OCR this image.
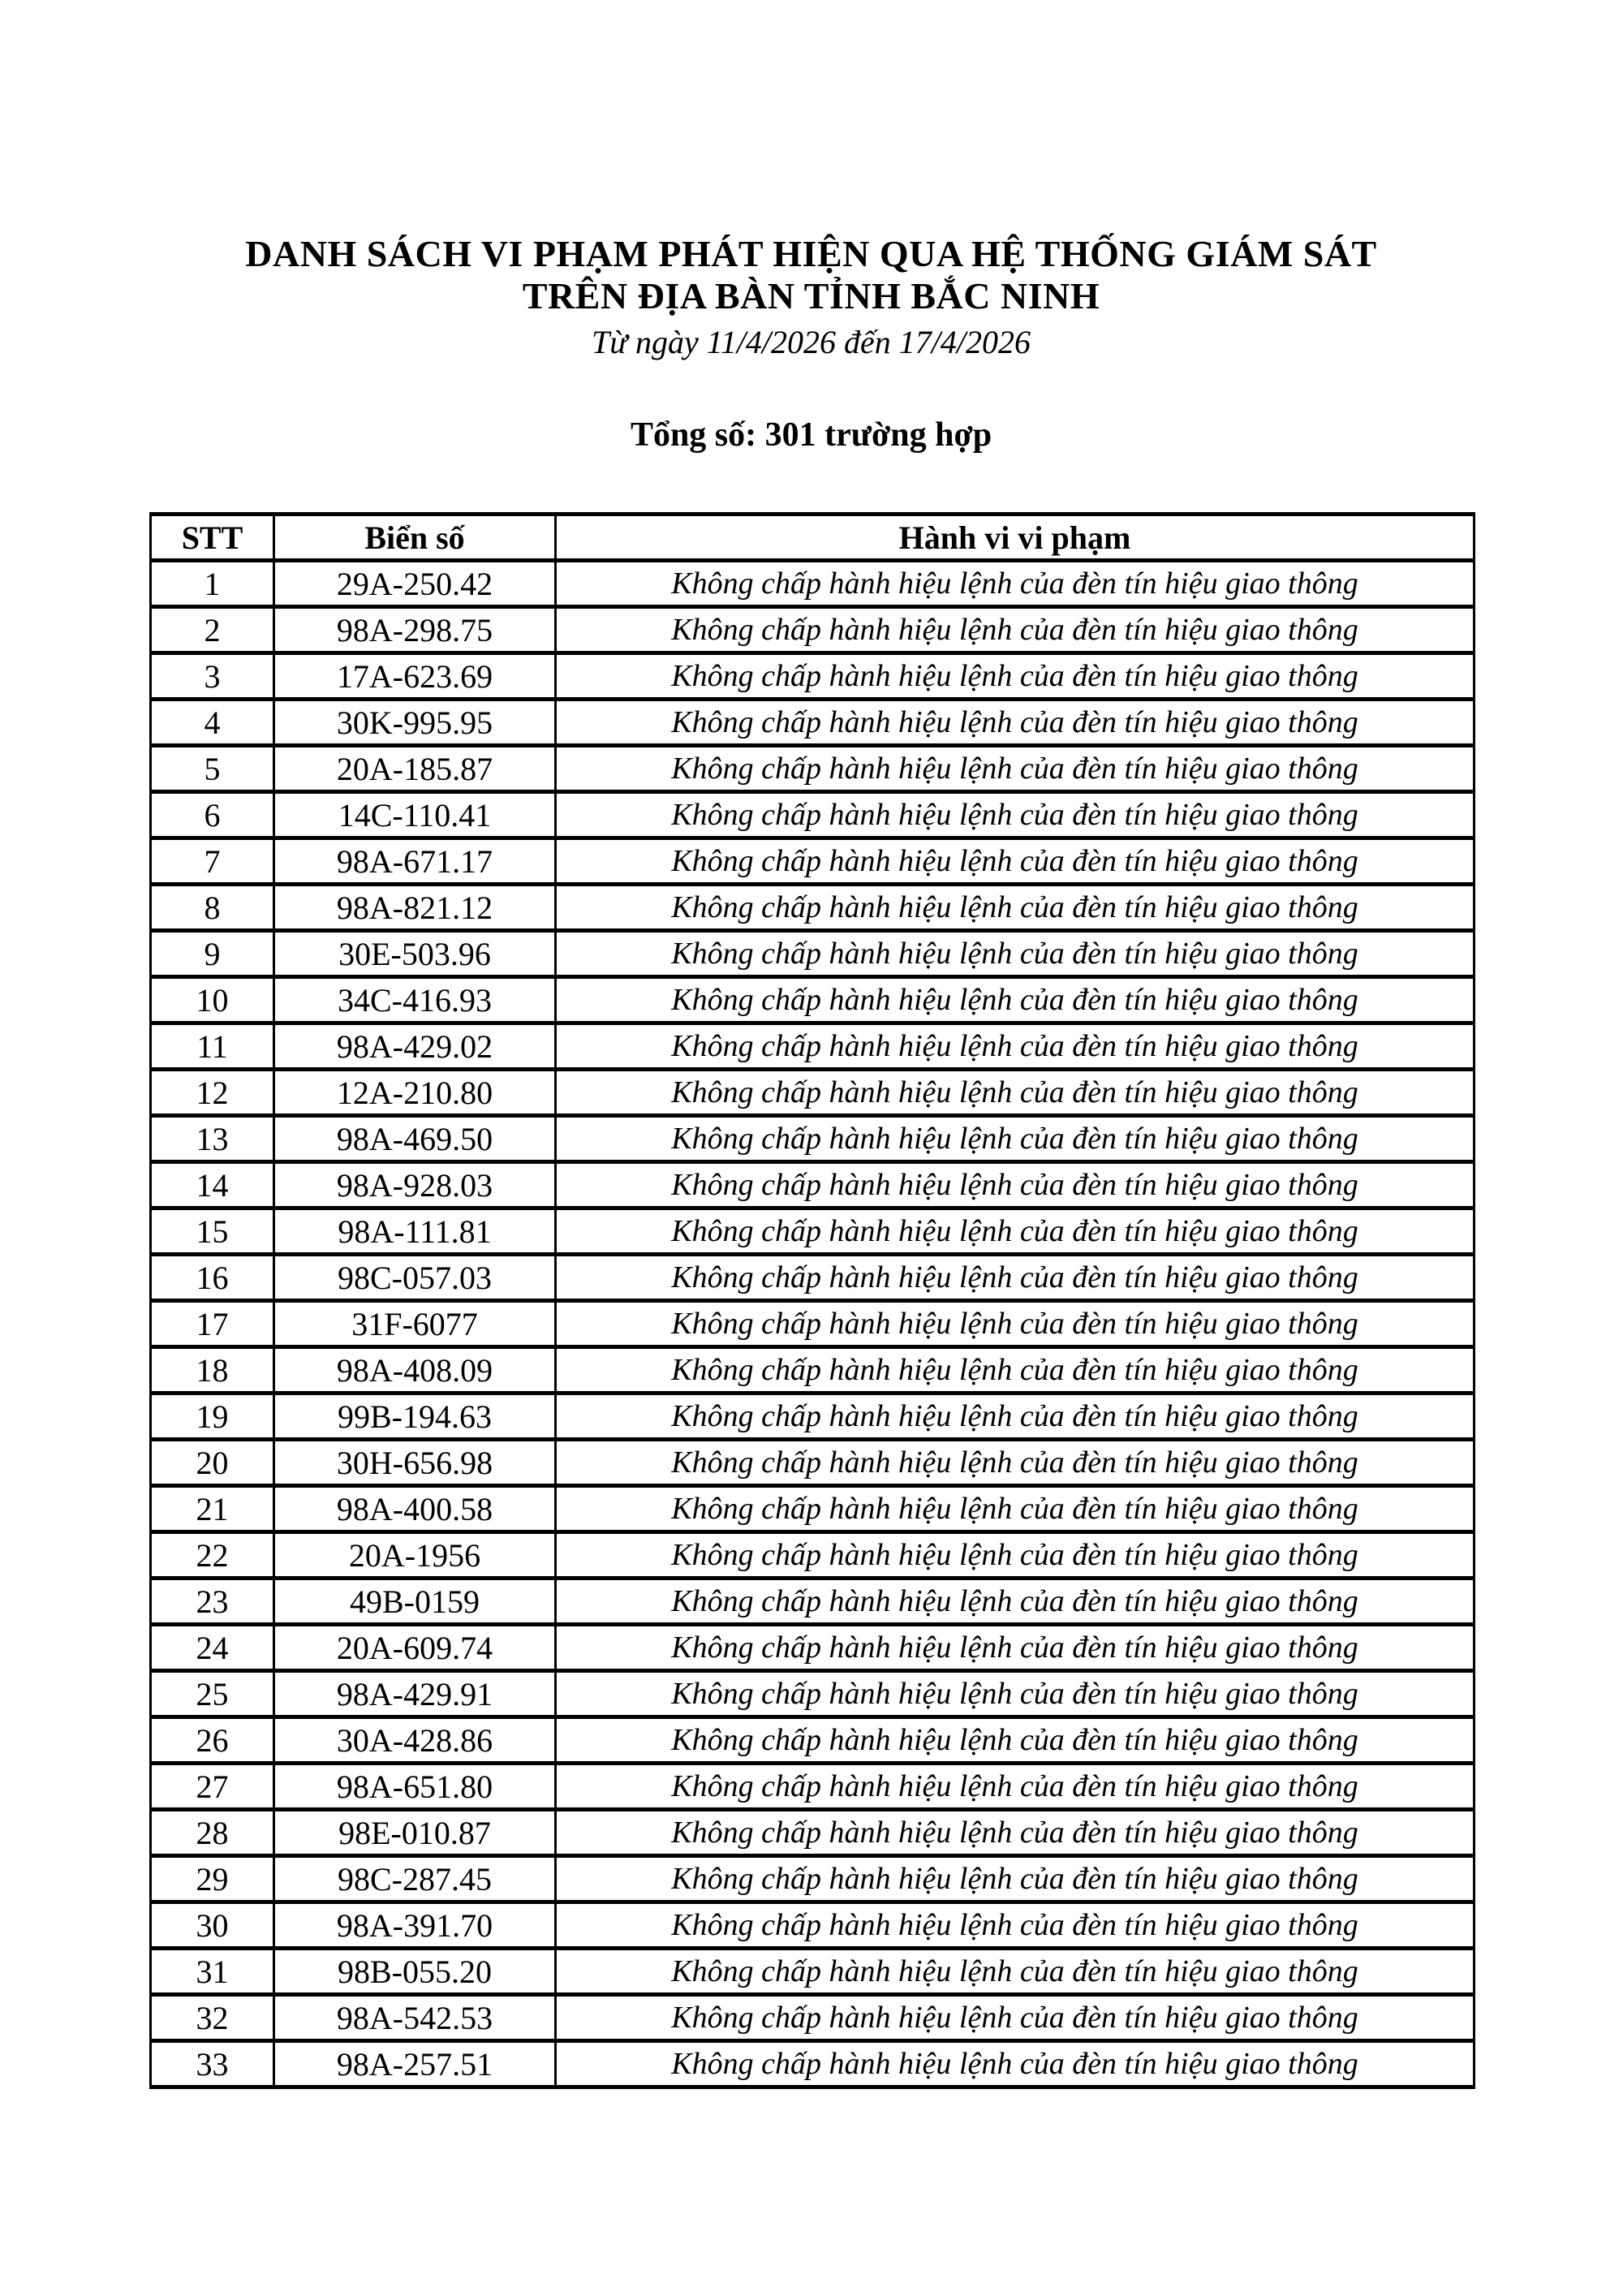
DANH SÁCH VI PHẠM PHÁT HIỆN QUA HỆ THỐNG GIÁM SÁT
TRÊN ĐỊA BÀN TỈNH BẮC NINH
Từ ngày 11/4/2026 đến 17/4/2026
Tổng số: 301 trường hợp
STT	Biển số	Hành vi vi phạm
1	29A-250.42	Không chấp hành hiệu lệnh của đèn tín hiệu giao thông
2	98A-298.75	Không chấp hành hiệu lệnh của đèn tín hiệu giao thông
3	17A-623.69	Không chấp hành hiệu lệnh của đèn tín hiệu giao thông
4	30K-995.95	Không chấp hành hiệu lệnh của đèn tín hiệu giao thông
5	20A-185.87	Không chấp hành hiệu lệnh của đèn tín hiệu giao thông
6	14C-110.41	Không chấp hành hiệu lệnh của đèn tín hiệu giao thông
7	98A-671.17	Không chấp hành hiệu lệnh của đèn tín hiệu giao thông
8	98A-821.12	Không chấp hành hiệu lệnh của đèn tín hiệu giao thông
9	30E-503.96	Không chấp hành hiệu lệnh của đèn tín hiệu giao thông
10	34C-416.93	Không chấp hành hiệu lệnh của đèn tín hiệu giao thông
11	98A-429.02	Không chấp hành hiệu lệnh của đèn tín hiệu giao thông
12	12A-210.80	Không chấp hành hiệu lệnh của đèn tín hiệu giao thông
13	98A-469.50	Không chấp hành hiệu lệnh của đèn tín hiệu giao thông
14	98A-928.03	Không chấp hành hiệu lệnh của đèn tín hiệu giao thông
15	98A-111.81	Không chấp hành hiệu lệnh của đèn tín hiệu giao thông
16	98C-057.03	Không chấp hành hiệu lệnh của đèn tín hiệu giao thông
17	31F-6077	Không chấp hành hiệu lệnh của đèn tín hiệu giao thông
18	98A-408.09	Không chấp hành hiệu lệnh của đèn tín hiệu giao thông
19	99B-194.63	Không chấp hành hiệu lệnh của đèn tín hiệu giao thông
20	30H-656.98	Không chấp hành hiệu lệnh của đèn tín hiệu giao thông
21	98A-400.58	Không chấp hành hiệu lệnh của đèn tín hiệu giao thông
22	20A-1956	Không chấp hành hiệu lệnh của đèn tín hiệu giao thông
23	49B-0159	Không chấp hành hiệu lệnh của đèn tín hiệu giao thông
24	20A-609.74	Không chấp hành hiệu lệnh của đèn tín hiệu giao thông
25	98A-429.91	Không chấp hành hiệu lệnh của đèn tín hiệu giao thông
26	30A-428.86	Không chấp hành hiệu lệnh của đèn tín hiệu giao thông
27	98A-651.80	Không chấp hành hiệu lệnh của đèn tín hiệu giao thông
28	98E-010.87	Không chấp hành hiệu lệnh của đèn tín hiệu giao thông
29	98C-287.45	Không chấp hành hiệu lệnh của đèn tín hiệu giao thông
30	98A-391.70	Không chấp hành hiệu lệnh của đèn tín hiệu giao thông
31	98B-055.20	Không chấp hành hiệu lệnh của đèn tín hiệu giao thông
32	98A-542.53	Không chấp hành hiệu lệnh của đèn tín hiệu giao thông
33	98A-257.51	Không chấp hành hiệu lệnh của đèn tín hiệu giao thông
